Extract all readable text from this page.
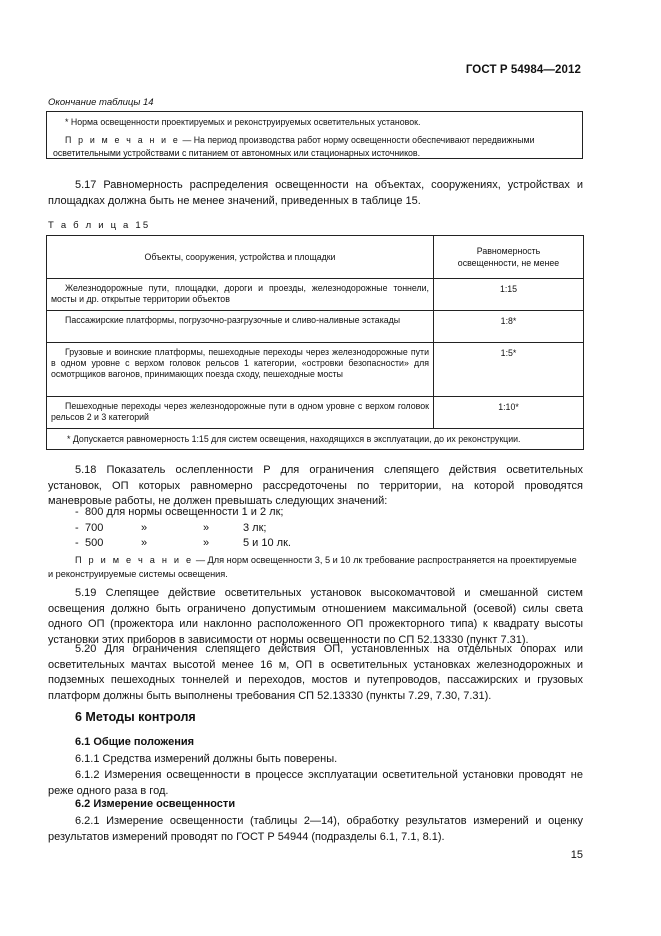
ГОСТ Р 54984—2012
Окончание таблицы 14
* Норма освещенности проектируемых и реконструируемых осветительных установок.
П р и м е ч а н и е — На период производства работ норму освещенности обеспечивают передвижными осветительными устройствами с питанием от автономных или стационарных источников.
5.17 Равномерность распределения освещенности на объектах, сооружениях, устройствах и площадках должна быть не менее значений, приведенных в таблице 15.
Т а б л и ц а 15
Объекты, сооружения, устройства и площадки	Равномерность освещенности, не менее

Железнодорожные пути, площадки, дороги и проезды, железнодорожные тоннели, мосты и др. открытые территории объектов	1:15

Пассажирские платформы, погрузочно-разгрузочные и сливо-наливные эстакады	1:8*

Грузовые и воинские платформы, пешеходные переходы через железнодорожные пути в одном уровне с верхом головок рельсов 1 категории, «островки безопасности» для осмотрщиков вагонов, принимающих поезда сходу, пешеходные мосты	1:5*

Пешеходные переходы через железнодорожные пути в одном уровне с верхом головок рельсов 2 и 3 категорий	1:10*

* Допускается равномерность 1:15 для систем освещения, находящихся в эксплуатации, до их реконструкции.	
5.18 Показатель ослепленности P для ограничения слепящего действия осветительных установок, ОП которых равномерно рассредоточены по территории, на которой проводятся маневровые работы, не должен превышать следующих значений:
- 800 для нормы освещенности 1 и 2 лк;
- 700	»	»	3 лк;
- 500	»	»	5 и 10 лк.
П р и м е ч а н и е — Для норм освещенности 3, 5 и 10 лк требование распространяется на проектируемые и реконструируемые системы освещения.
5.19 Слепящее действие осветительных установок высокомачтовой и смешанной систем освещения должно быть ограничено допустимым отношением максимальной (осевой) силы света одного ОП (прожектора или наклонно расположенного ОП прожекторного типа) к квадрату высоты установки этих приборов в зависимости от нормы освещенности по СП 52.13330 (пункт 7.31).
5.20 Для ограничения слепящего действия ОП, установленных на отдельных опорах или осветительных мачтах высотой менее 16 м, ОП в осветительных установках железнодорожных и подземных пешеходных тоннелей и переходов, мостов и путепроводов, пассажирских и грузовых платформ должны быть выполнены требования СП 52.13330 (пункты 7.29, 7.30, 7.31).
6 Методы контроля
6.1 Общие положения
6.1.1 Средства измерений должны быть поверены.
6.1.2 Измерения освещенности в процессе эксплуатации осветительной установки проводят не реже одного раза в год.
6.2 Измерение освещенности
6.2.1 Измерение освещенности (таблицы 2—14), обработку результатов измерений и оценку результатов измерений проводят по ГОСТ Р 54944 (подразделы 6.1, 7.1, 8.1).
15
